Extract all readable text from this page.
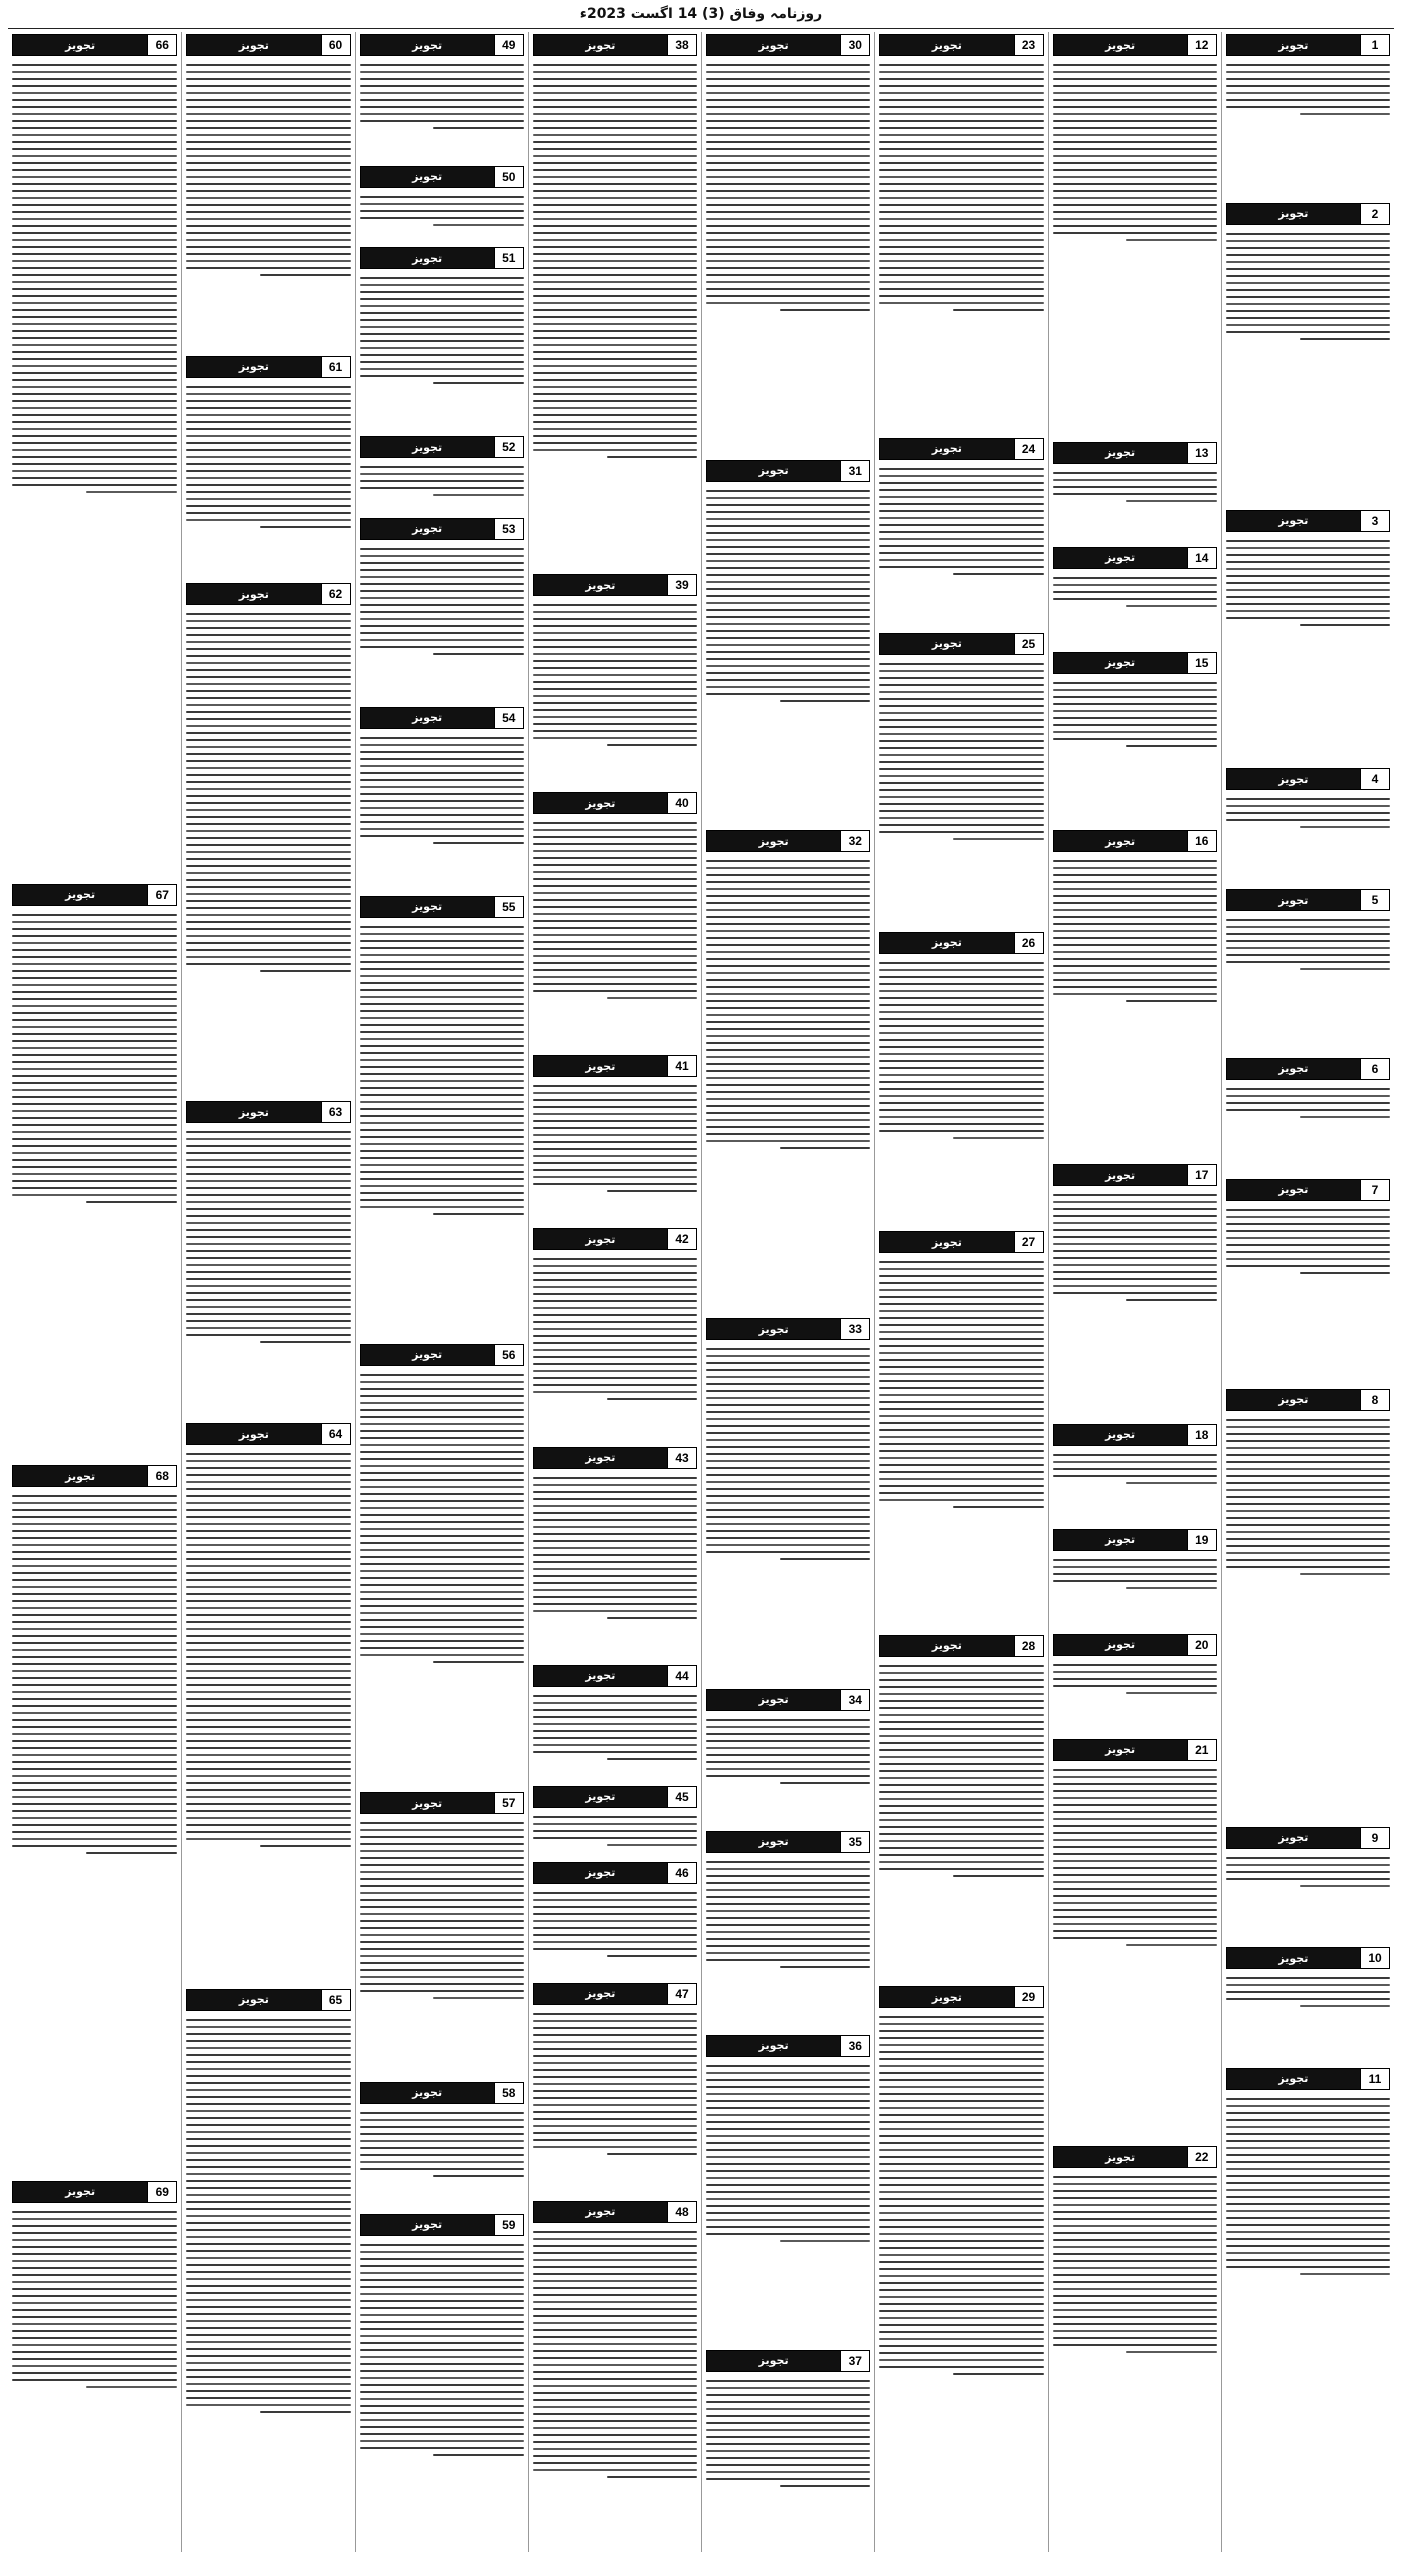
روزنامہ وفاق (3) 14 اگست 2023ء
1
تجویز
2
تجویز
3
تجویز
4
تجویز
5
تجویز
6
تجویز
7
تجویز
8
تجویز
9
تجویز
10
تجویز
11
تجویز
12
تجویز
13
تجویز
14
تجویز
15
تجویز
16
تجویز
17
تجویز
18
تجویز
19
تجویز
20
تجویز
21
تجویز
22
تجویز
23
تجویز
24
تجویز
25
تجویز
26
تجویز
27
تجویز
28
تجویز
29
تجویز
30
تجویز
31
تجویز
32
تجویز
33
تجویز
34
تجویز
35
تجویز
36
تجویز
37
تجویز
38
تجویز
39
تجویز
40
تجویز
41
تجویز
42
تجویز
43
تجویز
44
تجویز
45
تجویز
46
تجویز
47
تجویز
48
تجویز
49
تجویز
50
تجویز
51
تجویز
52
تجویز
53
تجویز
54
تجویز
55
تجویز
56
تجویز
57
تجویز
58
تجویز
59
تجویز
60
تجویز
61
تجویز
62
تجویز
63
تجویز
64
تجویز
65
تجویز
66
تجویز
67
تجویز
68
تجویز
69
تجویز
